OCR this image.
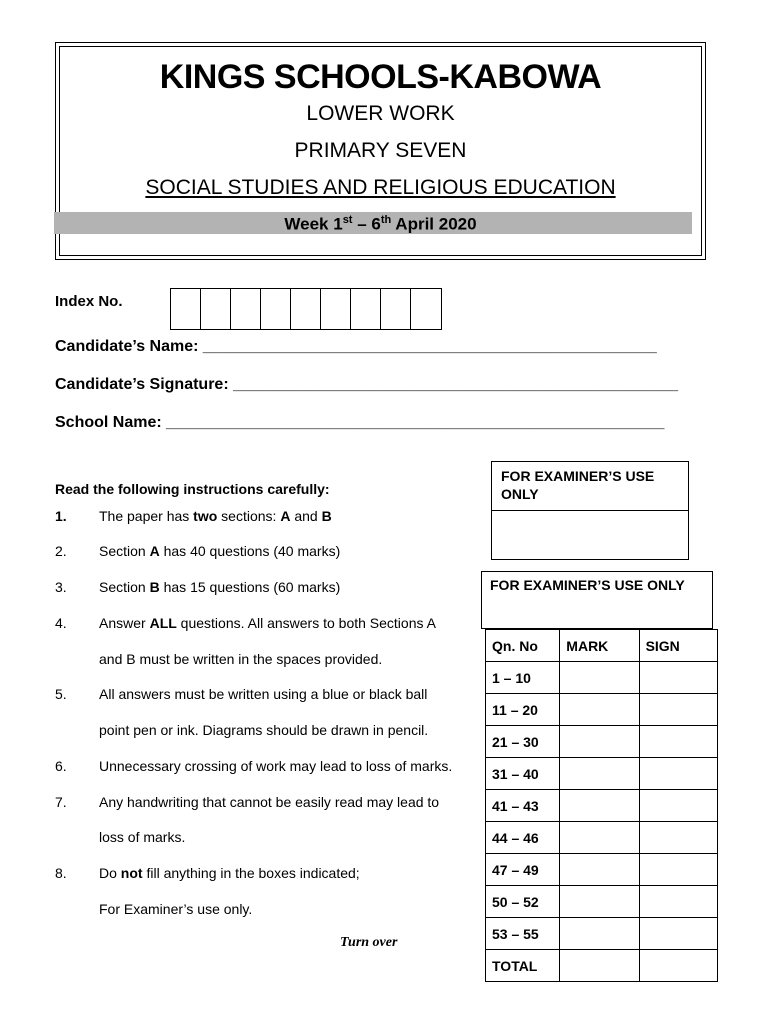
KINGS SCHOOLS-KABOWA
LOWER WORK
PRIMARY SEVEN
SOCIAL STUDIES AND RELIGIOUS EDUCATION
Week 1st – 6th April 2020
Index No.
Candidate’s Name: ___________________________________________________
Candidate’s Signature: __________________________________________________
School Name: ________________________________________________________
Read the following instructions carefully:
1. The paper has two sections: A and B
2. Section A has 40 questions (40 marks)
3. Section B has 15 questions (60 marks)
4. Answer ALL questions. All answers to both Sections A
and B must be written in the spaces provided.
5. All answers must be written using a blue or black ball
point pen or ink. Diagrams should be drawn in pencil.
6. Unnecessary crossing of work may lead to loss of marks.
7. Any handwriting that cannot be easily read may lead to
loss of marks.
8. Do not fill anything in the boxes indicated;
For Examiner’s use only.
FOR EXAMINER’S USE ONLY
FOR EXAMINER’S USE ONLY
Qn. No	MARK	SIGN
1 – 10		
11 – 20		
21 – 30		
31 – 40		
41 – 43		
44 – 46		
47 – 49		
50 – 52		
53 – 55		
TOTAL		
Turn over
